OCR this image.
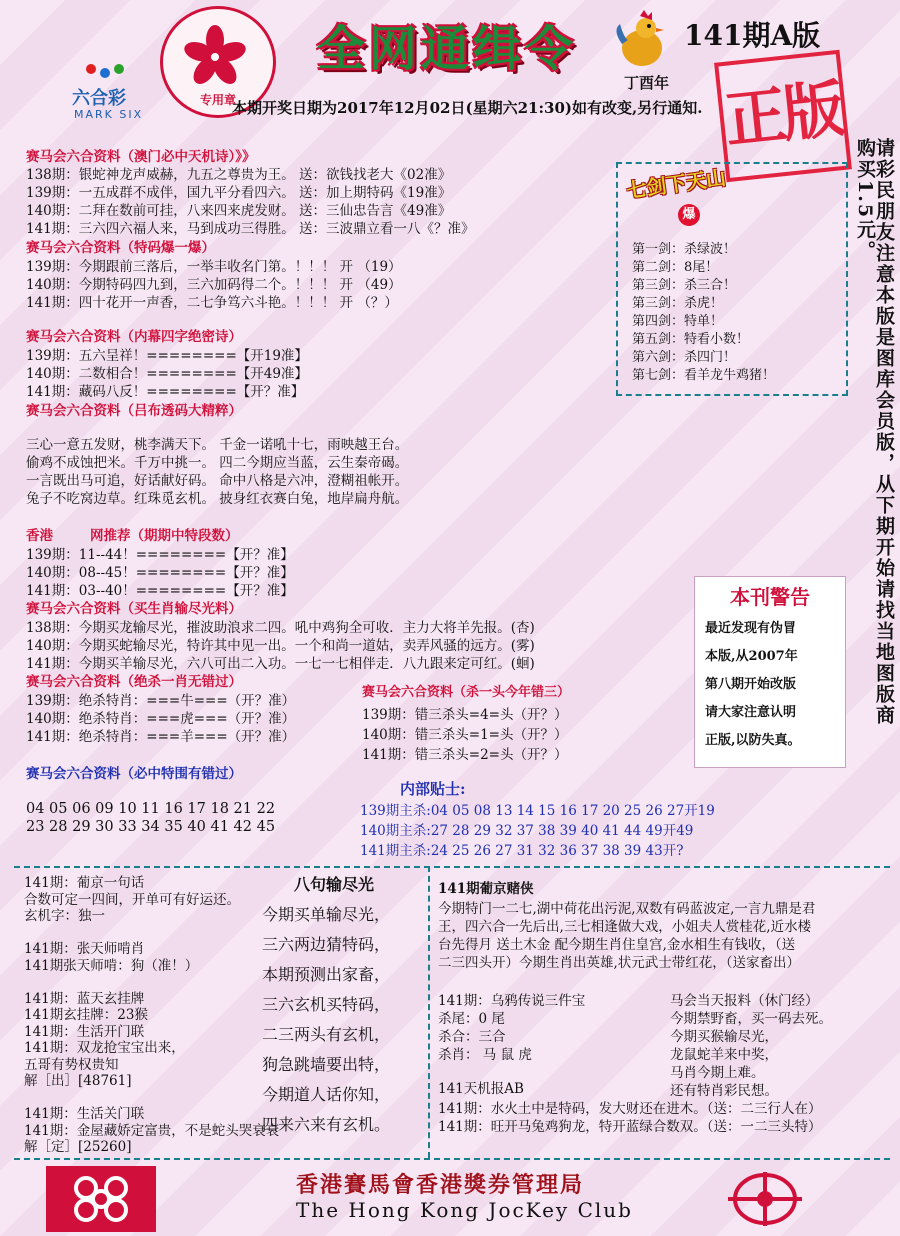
六合彩
MARK SIX
专用章
全网通缉令	141期A版
丁酉年
本期开奖日期为2017年12月02日(星期六21:30)如有改变,另行通知. 正版
请彩民朋友注意本版是图库会员版，从下期开始请找当地图版商购买1.5元。
赛马会六合资料（澳门必中天机诗）》》
138期：银蛇神龙声威赫，九五之尊贵为王。 送：欲钱找老大《02准》
139期：一五成群不成伴，国九平分看四六。 送：加上期特码《19准》
140期：二拜在数前可挂，八来四来虎发财。 送：三仙忠告言《49准》
141期：三六四六福人来，马到成功三得胜。 送：三波鼎立看一八《？准》
赛马会六合资料（特码爆一爆）
139期：今期跟前三落后，一举丰收名门第。！！！ 开 （19）
140期：今期特码四九到，三六加码得二个。！！！ 开 （49）
141期：四十花开一声香，二七争笃六斗艳。！！！ 开 （？）
赛马会六合资料（内幕四字绝密诗）
139期：五六呈祥！========【开19准】
140期：二数相合！========【开49准】
141期：藏码八反！========【开？准】
赛马会六合资料（吕布透码大精粹）
三心一意五发财，桃李满天下。 千金一诺吼十七，雨映越王台。
偷鸡不成蚀把米。千万中挑一。 四二今期应当蓝，云生秦帝碣。
一言既出马可追，好话献好码。 命中八格是六冲，澄糊祖帐开。
兔子不吃窝边草。红珠觅玄机。 披身红衣赛白兔，地岸扁舟航。
香港	网推荐（期期中特段数）
139期：11--44！========【开？准】
140期：08--45！========【开？准】
141期：03--40！========【开？准】
赛马会六合资料（买生肖输尽光料）
138期：今期买龙输尽光，摧波助浪求二四。吼中鸡狗全可收．主力大将羊先报。(杏)
140期：今期买蛇输尽光，特许其中见一出。一个和尚一道姑，卖弄风骚的远方。(雾)
141期：今期买羊输尽光，六八可出二入功。一七一七相伴走．八九跟来定可红。(蛔)
赛马会六合资料（绝杀一肖无错过）
139期：绝杀特肖：===牛===（开？准）
140期：绝杀特肖：===虎===（开？准）
141期：绝杀特肖：===羊===（开？准）
赛马会六合资料（必中特围有错过）
04 05 06 09 10 11 16 17 18 21 22
23 28 29 30 33 34 35 40 41 42 45
赛马会六合资料（杀一头今年错三）
139期：错三杀头=4=头（开？）
140期：错三杀头=1=头（开？）
141期：错三杀头=2=头（开？）
内部贴士:
139期主杀:04 05 08 13 14 15 16 17 20 25 26 27开19
140期主杀:27 28 29 32 37 38 39 40 41 44 49开49
141期主杀:24 25 26 27 31 32 36 37 38 39 43开?
七剑下天山
爆
第一剑：杀绿波！
第二剑：8尾！
第三剑：杀三合！
第三剑：杀虎！
第四剑：特单！
第五剑：特看小数！
第六剑：杀四门！
第七剑：看羊龙牛鸡猪！
本刊警告
最近发现有伪冒
本版,从2007年
第八期开始改版
请大家注意认明
正版,以防失真。
141期：葡京一句话
合数可定一四间，开单可有好运还。
玄机字：独一
141期：张天师啃肖
141期张天师啃：狗（准！）
141期：蓝天玄挂牌
141期玄挂牌：23猴
141期：生活开门联
141期：双龙抢宝宝出来，
五哥有势权贵知
解［出］[48761]
141期：生活关门联
141期：金屋藏娇定富贵，不是蛇头哭衰衰
解［定］[25260]
八句输尽光
今期买单输尽光，
三六两边猜特码，
本期预测出家畜，
三六玄机买特码，
二三两头有玄机，
狗急跳墙要出特，
今期道人话你知，
四来六来有玄机。
141期葡京赌侠
今期特门一二七,湖中荷花出污泥,双数有码蓝波定,一言九鼎是君
王，四六合一先后出,三七相逢做大戏，小姐夫人赏桂花,近水楼
台先得月 送土木金 配今期生肖住皇宫,金水相生有钱收，（送
二三四头开）今期生肖出英雄,状元武士带红花，（送家畜出）
141期：乌鸦传说三件宝
杀尾：0 尾
杀合：三合
杀肖： 马 鼠 虎
马会当天报料（休门经）
今期禁野畜，买一码去死。
今期买猴输尽光，
龙鼠蛇羊来中奖，
马肖今期上难。
还有特肖彩民想。
141天机报AB
141期：水火土中是特码，发大财还在进木。（送：二三行人在）
141期：旺开马兔鸡狗龙，特开蓝绿合数双。（送：一二三头特）
香港賽馬會香港獎券管理局
The Hong Kong JocKey Club
